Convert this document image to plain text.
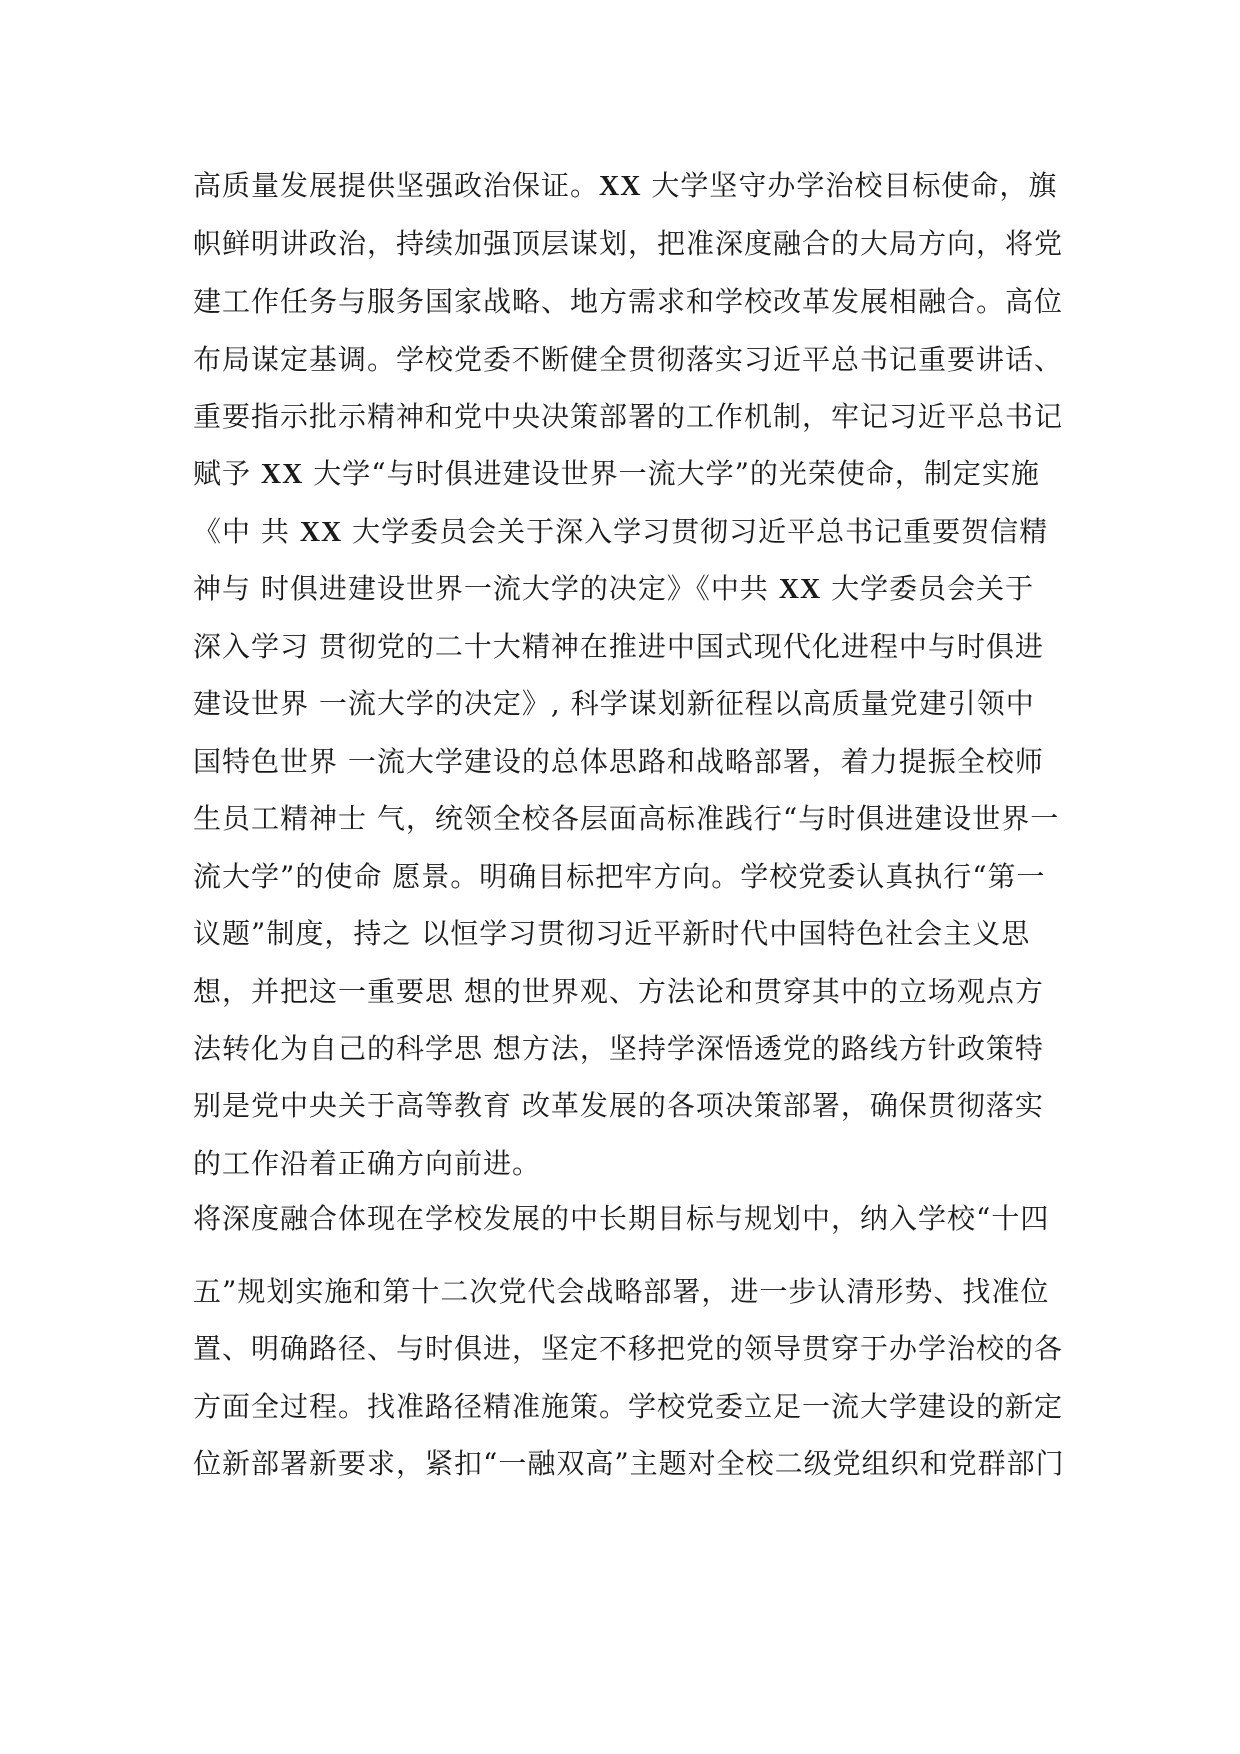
高质量发展提供坚强政治保证。XX 大学坚守办学治校目标使命，旗
帜鲜明讲政治，持续加强顶层谋划，把准深度融合的大局方向，将党
建工作任务与服务国家战略、地方需求和学校改革发展相融合。高位
布局谋定基调。学校党委不断健全贯彻落实习近平总书记重要讲话、
重要指示批示精神和党中央决策部署的工作机制，牢记习近平总书记
赋予 XX 大学“与时俱进建设世界一流大学”的光荣使命，制定实施
《中 共 XX 大学委员会关于深入学习贯彻习近平总书记重要贺信精
神与 时俱进建设世界一流大学的决定》《中共 XX 大学委员会关于
深入学习 贯彻党的二十大精神在推进中国式现代化进程中与时俱进
建设世界 一流大学的决定》, 科学谋划新征程以高质量党建引领中
国特色世界 一流大学建设的总体思路和战略部署，着力提振全校师
生员工精神士 气，统领全校各层面高标准践行“与时俱进建设世界一
流大学”的使命 愿景。明确目标把牢方向。学校党委认真执行“第一
议题”制度，持之 以恒学习贯彻习近平新时代中国特色社会主义思
想，并把这一重要思 想的世界观、方法论和贯穿其中的立场观点方
法转化为自己的科学思 想方法，坚持学深悟透党的路线方针政策特
别是党中央关于高等教育 改革发展的各项决策部署，确保贯彻落实
的工作沿着正确方向前进。
将深度融合体现在学校发展的中长期目标与规划中，纳入学校“十四
五”规划实施和第十二次党代会战略部署，进一步认清形势、找准位
置、明确路径、与时俱进，坚定不移把党的领导贯穿于办学治校的各
方面全过程。找准路径精准施策。学校党委立足一流大学建设的新定
位新部署新要求，紧扣“一融双高”主题对全校二级党组织和党群部门
